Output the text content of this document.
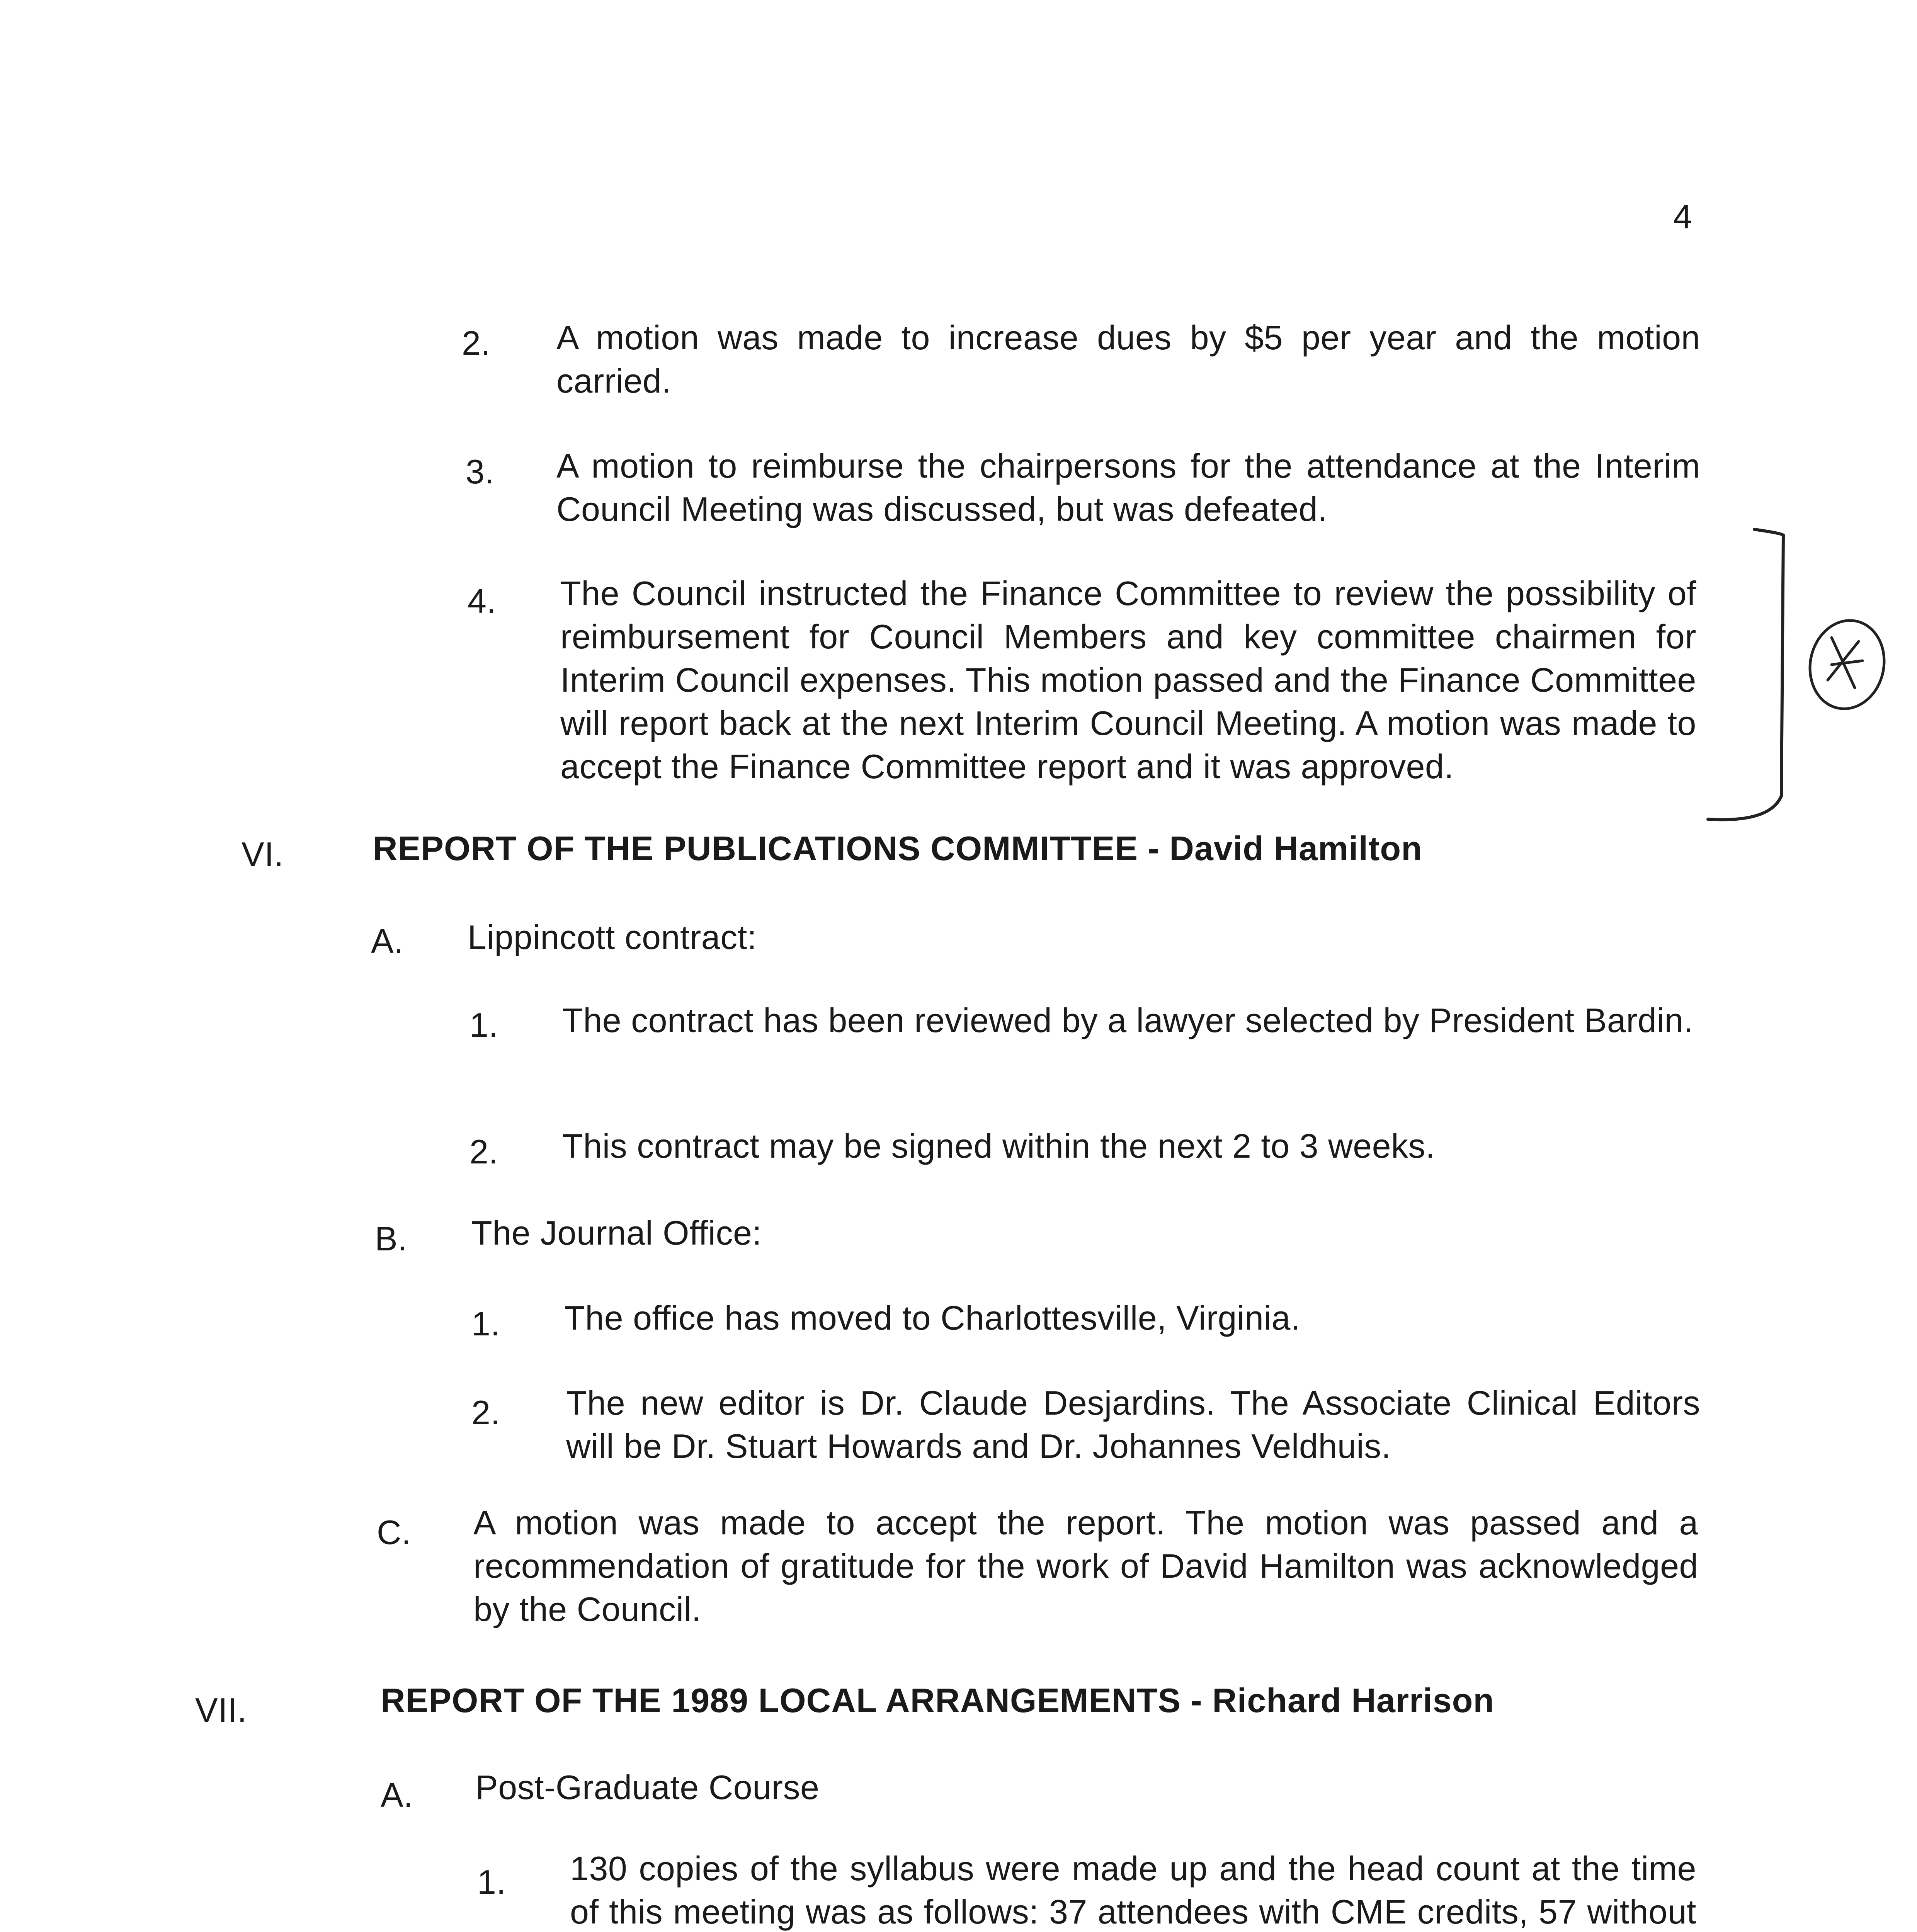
4
2. A motion was made to increase dues by $5 per year and the motion carried.
3. A motion to reimburse the chairpersons for the attendance at the Interim Council Meeting was discussed, but was defeated.
4. The Council instructed the Finance Committee to review the possibility of reimbursement for Council Members and key committee chairmen for Interim Council expenses. This motion passed and the Finance Committee will report back at the next Interim Council Meeting. A motion was made to accept the Finance Committee report and it was approved.
VI.	REPORT OF THE PUBLICATIONS COMMITTEE - David Hamilton
A. Lippincott contract:
1. The contract has been reviewed by a lawyer selected by President Bardin.
2. This contract may be signed within the next 2 to 3 weeks.
B. The Journal Office:
1. The office has moved to Charlottesville, Virginia.
2. The new editor is Dr. Claude Desjardins. The Associate Clinical Editors will be Dr. Stuart Howards and Dr. Johannes Veldhuis.
C. A motion was made to accept the report. The motion was passed and a recommendation of gratitude for the work of David Hamilton was acknowledged by the Council.
VII.	REPORT OF THE 1989 LOCAL ARRANGEMENTS - Richard Harrison
A. Post-Graduate Course
1. 130 copies of the syllabus were made up and the head count at the time of this meeting was as follows: 37 attendees with CME credits, 57 without
